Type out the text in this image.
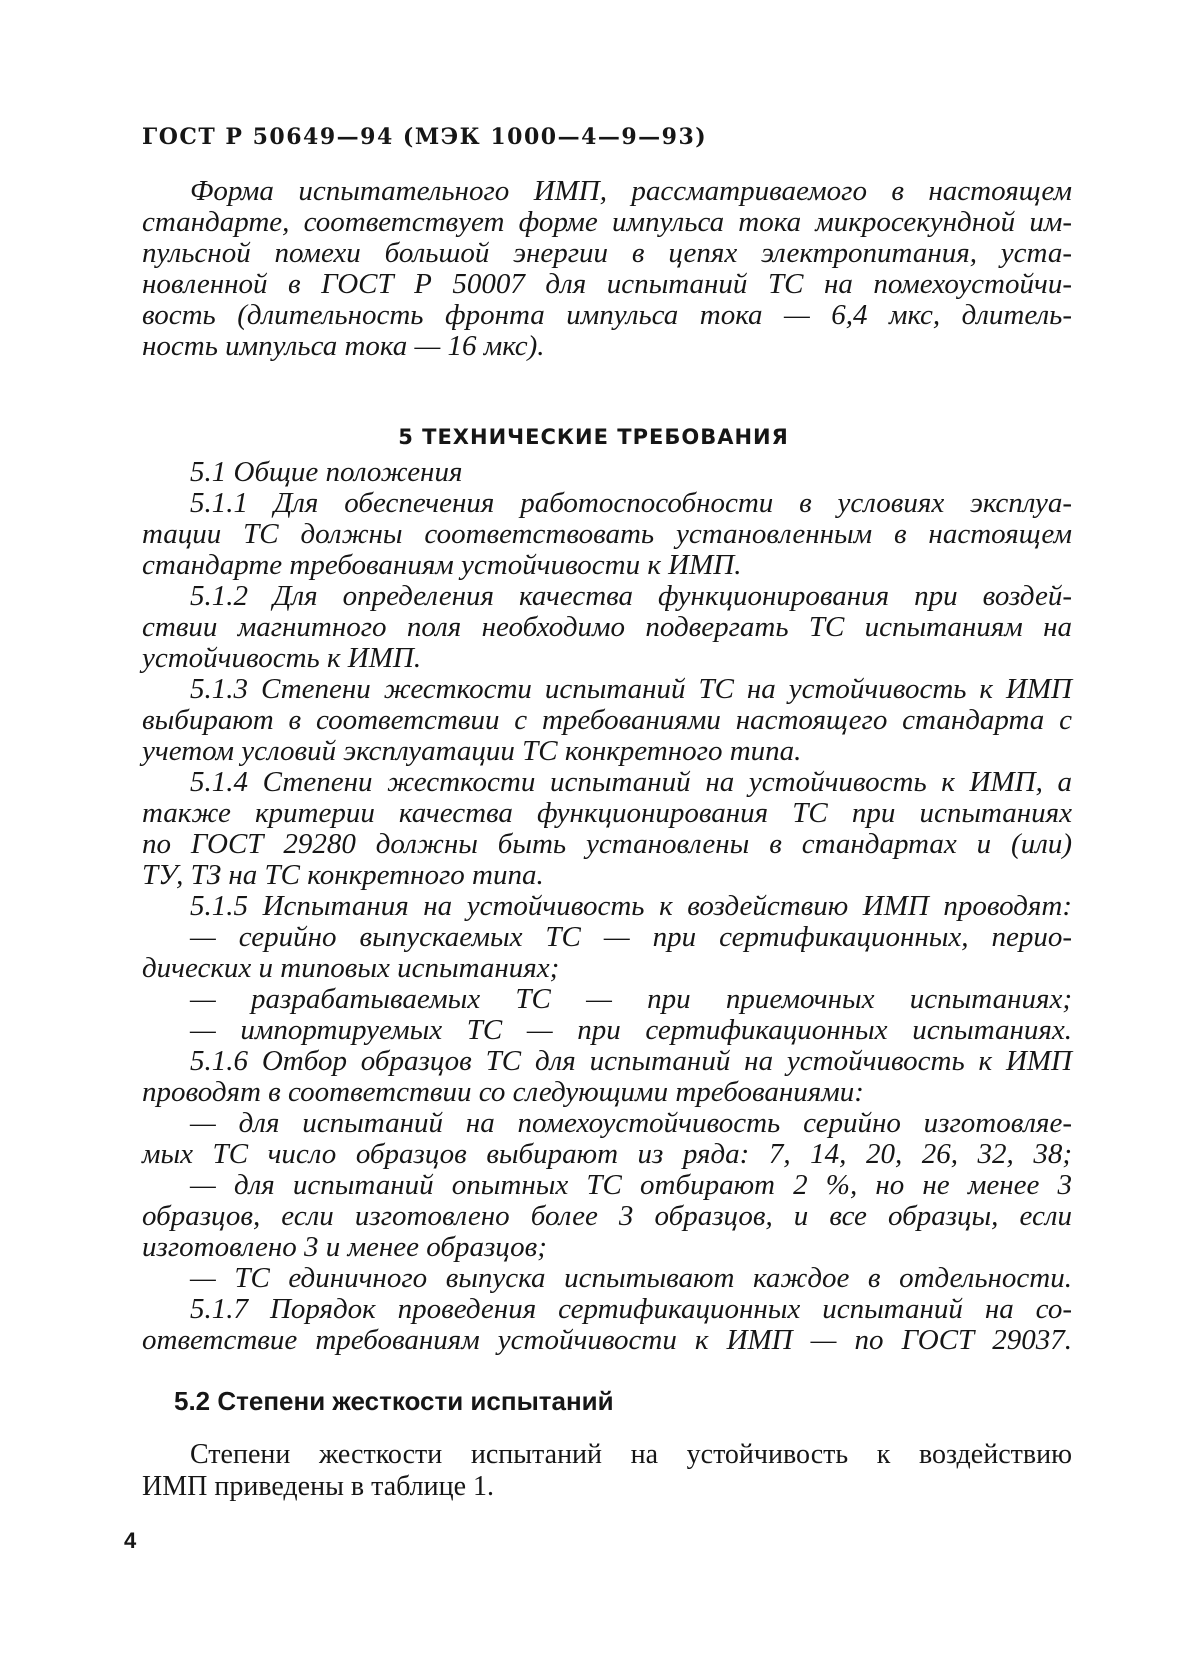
ГОСТ Р 50649—94 (МЭК 1000—4—9—93)
Форма испытательного ИМП, рассматриваемого в настоящем
стандарте, соответствует форме импульса тока микросекундной им-
пульсной помехи большой энергии в цепях электропитания, уста-
новленной в ГОСТ Р 50007 для испытаний ТС на помехоустойчи-
вость (длительность фронта импульса тока — 6,4 мкс, длитель-
ность импульса тока — 16 мкс).
5 ТЕХНИЧЕСКИЕ ТРЕБОВАНИЯ
5.1 Общие положения
5.1.1 Для обеспечения работоспособности в условиях эксплуа-
тации ТС должны соответствовать установленным в настоящем
стандарте требованиям устойчивости к ИМП.
5.1.2 Для определения качества функционирования при воздей-
ствии магнитного поля необходимо подвергать ТС испытаниям на
устойчивость к ИМП.
5.1.3 Степени жесткости испытаний ТС на устойчивость к ИМП
выбирают в соответствии с требованиями настоящего стандарта с
учетом условий эксплуатации ТС конкретного типа.
5.1.4 Степени жесткости испытаний на устойчивость к ИМП, а
также критерии качества функционирования ТС при испытаниях
по ГОСТ 29280 должны быть установлены в стандартах и (или)
ТУ, ТЗ на ТС конкретного типа.
5.1.5 Испытания на устойчивость к воздействию ИМП проводят:
— серийно выпускаемых ТС — при сертификационных, перио-
дических и типовых испытаниях;
— разрабатываемых ТС — при приемочных испытаниях;
— импортируемых ТС — при сертификационных испытаниях.
5.1.6 Отбор образцов ТС для испытаний на устойчивость к ИМП
проводят в соответствии со следующими требованиями:
— для испытаний на помехоустойчивость серийно изготовляе-
мых ТС число образцов выбирают из ряда: 7, 14, 20, 26, 32, 38;
— для испытаний опытных ТС отбирают 2 %, но не менее 3
образцов, если изготовлено более 3 образцов, и все образцы, если
изготовлено 3 и менее образцов;
— ТС единичного выпуска испытывают каждое в отдельности.
5.1.7 Порядок проведения сертификационных испытаний на со-
ответствие требованиям устойчивости к ИМП — по ГОСТ 29037.
5.2 Степени жесткости испытаний
Степени жесткости испытаний на устойчивость к воздействию
ИМП приведены в таблице 1.
4
